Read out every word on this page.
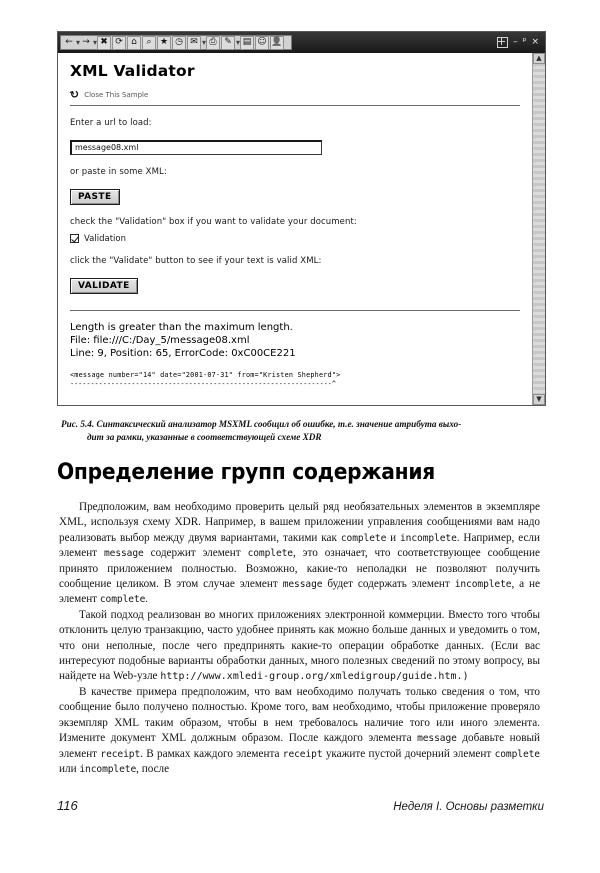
← ▾ → ▾ ✖ ⟳ ⌂	⌕ ★ ◷ ✉ ▾ ⎙ ✎ ▾ ▤ ☺ 👤	– ᵖ ×
XML Validator
↻ Close This Sample

Enter a url to load:

message08.xml

or paste in some XML:

PASTE

check the "Validation" box if you want to validate your document:

Validation

click the "Validate" button to see if your text is valid XML:

VALIDATE
Length is greater than the maximum length.
File: file:///C:/Day_5/message08.xml
Line: 9, Position: 65, ErrorCode: 0xC00CE221
<message number="14" date="2001-07-31" from="Kristen Shepherd">
----------------------------------------------------------------^
▲
▼
Рис. 5.4. Синтаксический анализатор MSXML сообщил об ошибке, т.е. значение атрибута выхо-
дит за рамки, указанные в соответствующей схеме XDR
Определение групп содержания

Предположим, вам необходимо проверить целый ряд необязательных элементов в экземпляре XML, используя схему XDR. Например, в вашем приложении управления сообщениями вам надо реализовать выбор между двумя вариантами, такими как complete и incomplete. Например, если элемент message содержит элемент complete, это означает, что соответствующее сообщение принято приложением полностью. Возможно, какие-то неполадки не позволяют получить сообщение целиком. В этом случае элемент message будет содержать элемент incomplete, а не элемент complete.

Такой подход реализован во многих приложениях электронной коммерции. Вместо того чтобы отклонить целую транзакцию, часто удобнее принять как можно больше данных и уведомить о том, что они неполные, после чего предпринять какие-то операции обработке данных. (Если вас интересуют подобные варианты обработки данных, много полезных сведений по этому вопросу, вы найдете на Web-узле http://www.xmledi-group.org/xmledigroup/guide.htm.)

В качестве примера предположим, что вам необходимо получать только сведения о том, что сообщение было получено полностью. Кроме того, вам необходимо, чтобы приложение проверяло экземпляр XML таким образом, чтобы в нем требовалось наличие того или иного элемента. Измените документ XML должным образом. После каждого элемента message добавьте новый элемент receipt. В рамках каждого элемента receipt укажите пустой дочерний элемент complete или incomplete, после

116	Неделя I. Основы разметки
